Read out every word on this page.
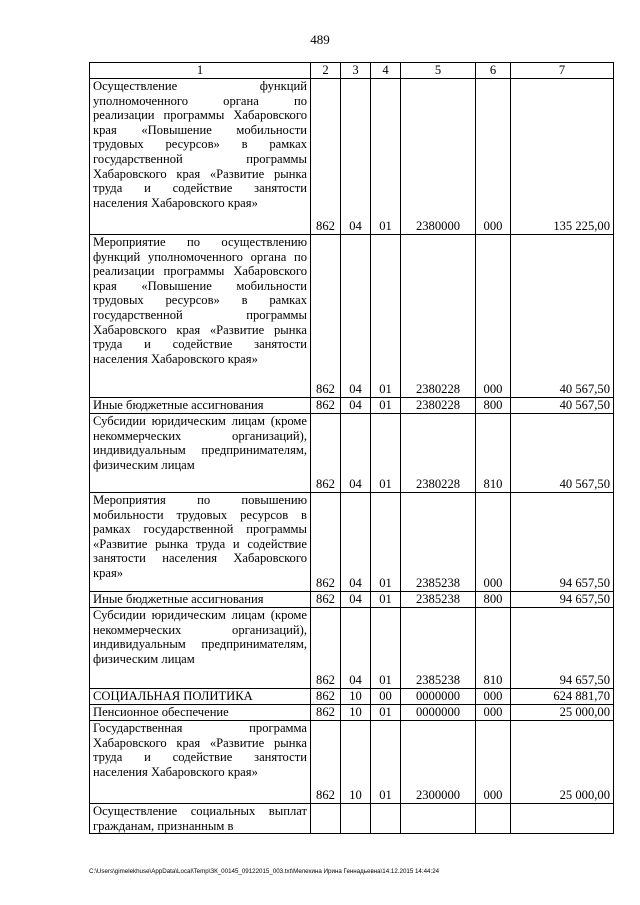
489
1	2	3	4	5	6	7
Осуществление функций уполномоченного органа по реализации программы Хабаровского края «Повышение мобильности трудовых ресурсов» в рамках государственной программы Хабаровского края «Развитие рынка труда и содействие занятости населения Хабаровского края»	862	04	01	2380000	000	135 225,00
Мероприятие по осуществлению функций уполномоченного органа по реализации программы Хабаровского края «Повышение мобильности трудовых ресурсов» в рамках государственной программы Хабаровского края «Развитие рынка труда и содействие занятости населения Хабаровского края»	862	04	01	2380228	000	40 567,50
Иные бюджетные ассигнования	862	04	01	2380228	800	40 567,50
Субсидии юридическим лицам (кроме некоммерческих организаций), индивидуальным предпринимателям, физическим лицам	862	04	01	2380228	810	40 567,50
Мероприятия по повышению мобильности трудовых ресурсов в рамках государственной программы «Развитие рынка труда и содействие занятости населения Хабаровского края»	862	04	01	2385238	000	94 657,50
Иные бюджетные ассигнования	862	04	01	2385238	800	94 657,50
Субсидии юридическим лицам (кроме некоммерческих организаций), индивидуальным предпринимателям, физическим лицам	862	04	01	2385238	810	94 657,50
СОЦИАЛЬНАЯ ПОЛИТИКА	862	10	00	0000000	000	624 881,70
Пенсионное обеспечение	862	10	01	0000000	000	25 000,00
Государственная программа Хабаровского края «Развитие рынка труда и содействие занятости населения Хабаровского края»	862	10	01	2300000	000	25 000,00
Осуществление социальных выплат гражданам, признанным в						
C:\Users\gimelekhuse\AppData\Local\Temp\ЗК_00145_09122015_003.txt\Мелехина Ирина Геннадьевна\14.12.2015 14:44:24
